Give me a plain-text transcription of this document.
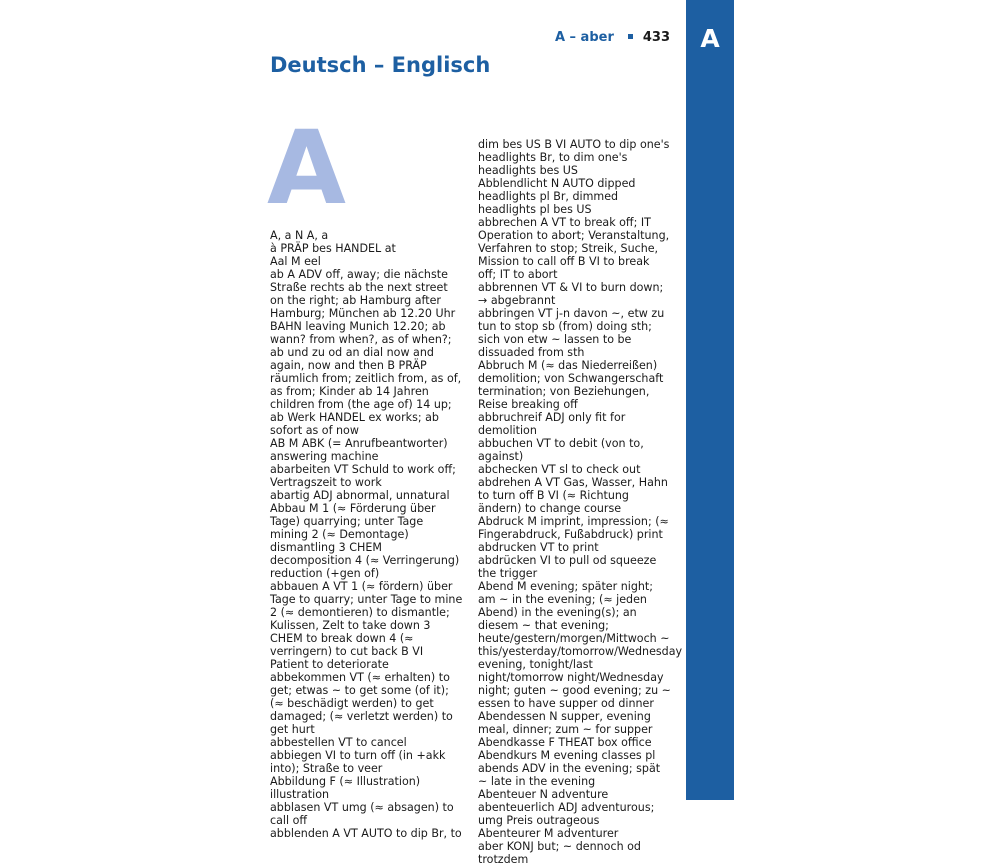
A
A – aber 433
Deutsch – Englisch
A
A, a N A, a
à PRÄP bes HANDEL at
Aal M eel
ab A ADV off, away; die nächste Straße rechts ab the next street on the right; ab Hamburg after Hamburg; München ab 12.20 Uhr BAHN leaving Munich 12.20; ab wann? from when?, as of when?; ab und zu od an dial now and again, now and then B PRÄP räumlich from; zeitlich from, as of, as from; Kinder ab 14 Jahren children from (the age of) 14 up; ab Werk HANDEL ex works; ab sofort as of now
AB M ABK (= Anrufbeantworter) answering machine
abarbeiten VT Schuld to work off; Vertragszeit to work
abartig ADJ abnormal, unnatural
Abbau M 1 (≈ Förderung über Tage) quarrying; unter Tage mining 2 (≈ Demontage) dismantling 3 CHEM decomposition 4 (≈ Verringerung) reduction (+gen of)
abbauen A VT 1 (≈ fördern) über Tage to quarry; unter Tage to mine 2 (≈ demontieren) to dismantle; Kulissen, Zelt to take down 3 CHEM to break down 4 (≈ verringern) to cut back B VI Patient to deteriorate
abbekommen VT (≈ erhalten) to get; etwas ~ to get some (of it); (≈ beschädigt werden) to get damaged; (≈ verletzt werden) to get hurt
abbestellen VT to cancel
abbiegen VI to turn off (in +akk into); Straße to veer
Abbildung F (≈ Illustration) illustration
abblasen VT umg (≈ absagen) to call off
abblenden A VT AUTO to dip Br, to
dim bes US B VI AUTO to dip one's headlights Br, to dim one's headlights bes US
Abblendlicht N AUTO dipped headlights pl Br, dimmed headlights pl bes US
abbrechen A VT to break off; IT Operation to abort; Veranstaltung, Verfahren to stop; Streik, Suche, Mission to call off B VI to break off; IT to abort
abbrennen VT & VI to burn down; → abgebrannt
abbringen VT j-n davon ~, etw zu tun to stop sb (from) doing sth; sich von etw ~ lassen to be dissuaded from sth
Abbruch M (≈ das Niederreißen) demolition; von Schwangerschaft termination; von Beziehungen, Reise breaking off
abbruchreif ADJ only fit for demolition
abbuchen VT to debit (von to, against)
abchecken VT sl to check out
abdrehen A VT Gas, Wasser, Hahn to turn off B VI (≈ Richtung ändern) to change course
Abdruck M imprint, impression; (≈ Fingerabdruck, Fußabdruck) print
abdrucken VT to print
abdrücken VI to pull od squeeze the trigger
Abend M evening; später night; am ~ in the evening; (≈ jeden Abend) in the evening(s); an diesem ~ that evening; heute/gestern/morgen/Mittwoch ~ this/yesterday/tomorrow/Wednesday evening, tonight/last night/tomorrow night/Wednesday night; guten ~ good evening; zu ~ essen to have supper od dinner
Abendessen N supper, evening meal, dinner; zum ~ for supper
Abendkasse F THEAT box office
Abendkurs M evening classes pl
abends ADV in the evening; spät ~ late in the evening
Abenteuer N adventure
abenteuerlich ADJ adventurous; umg Preis outrageous
Abenteurer M adventurer
aber KONJ but; ~ dennoch od trotzdem
